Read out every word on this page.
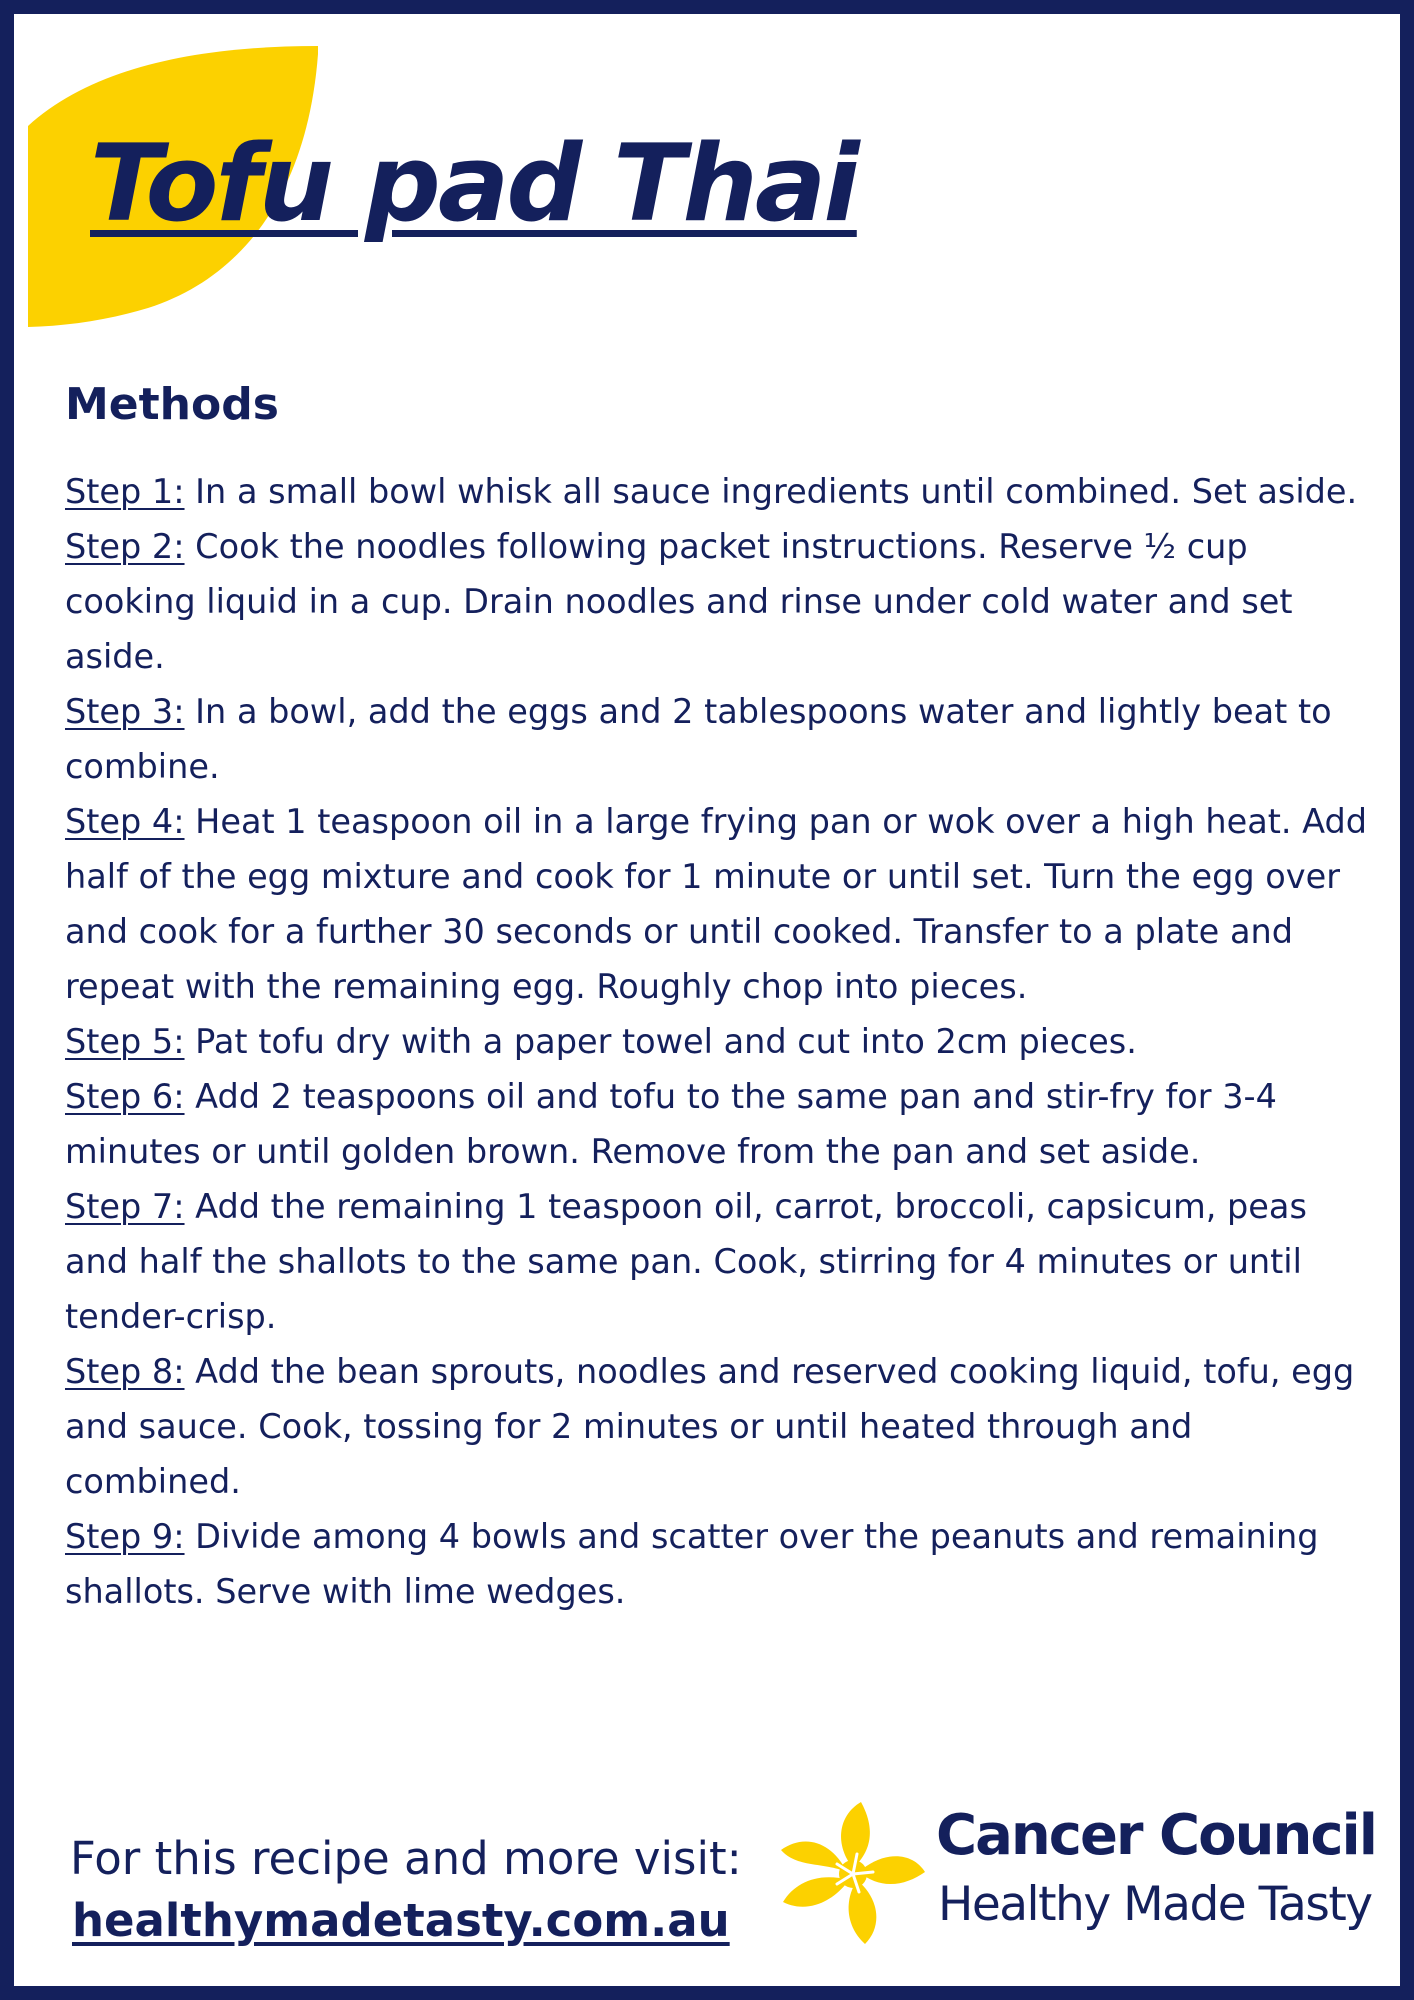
Tofu pad Thai
Methods
Step 1: In a small bowl whisk all sauce ingredients until combined. Set aside.
Step 2: Cook the noodles following packet instructions. Reserve ½ cup cooking liquid in a cup. Drain noodles and rinse under cold water and set aside.
Step 3: In a bowl, add the eggs and 2 tablespoons water and lightly beat to combine.
Step 4: Heat 1 teaspoon oil in a large frying pan or wok over a high heat. Add half of the egg mixture and cook for 1 minute or until set. Turn the egg over and cook for a further 30 seconds or until cooked. Transfer to a plate and repeat with the remaining egg. Roughly chop into pieces.
Step 5: Pat tofu dry with a paper towel and cut into 2cm pieces.
Step 6: Add 2 teaspoons oil and tofu to the same pan and stir-fry for 3-4 minutes or until golden brown. Remove from the pan and set aside.
Step 7: Add the remaining 1 teaspoon oil, carrot, broccoli, capsicum, peas and half the shallots to the same pan. Cook, stirring for 4 minutes or until tender-crisp.
Step 8: Add the bean sprouts, noodles and reserved cooking liquid, tofu, egg and sauce. Cook, tossing for 2 minutes or until heated through and combined.
Step 9: Divide among 4 bowls and scatter over the peanuts and remaining shallots. Serve with lime wedges.

For this recipe and more visit:

healthymadetasty.com.au
Cancer Council
Healthy Made Tasty
